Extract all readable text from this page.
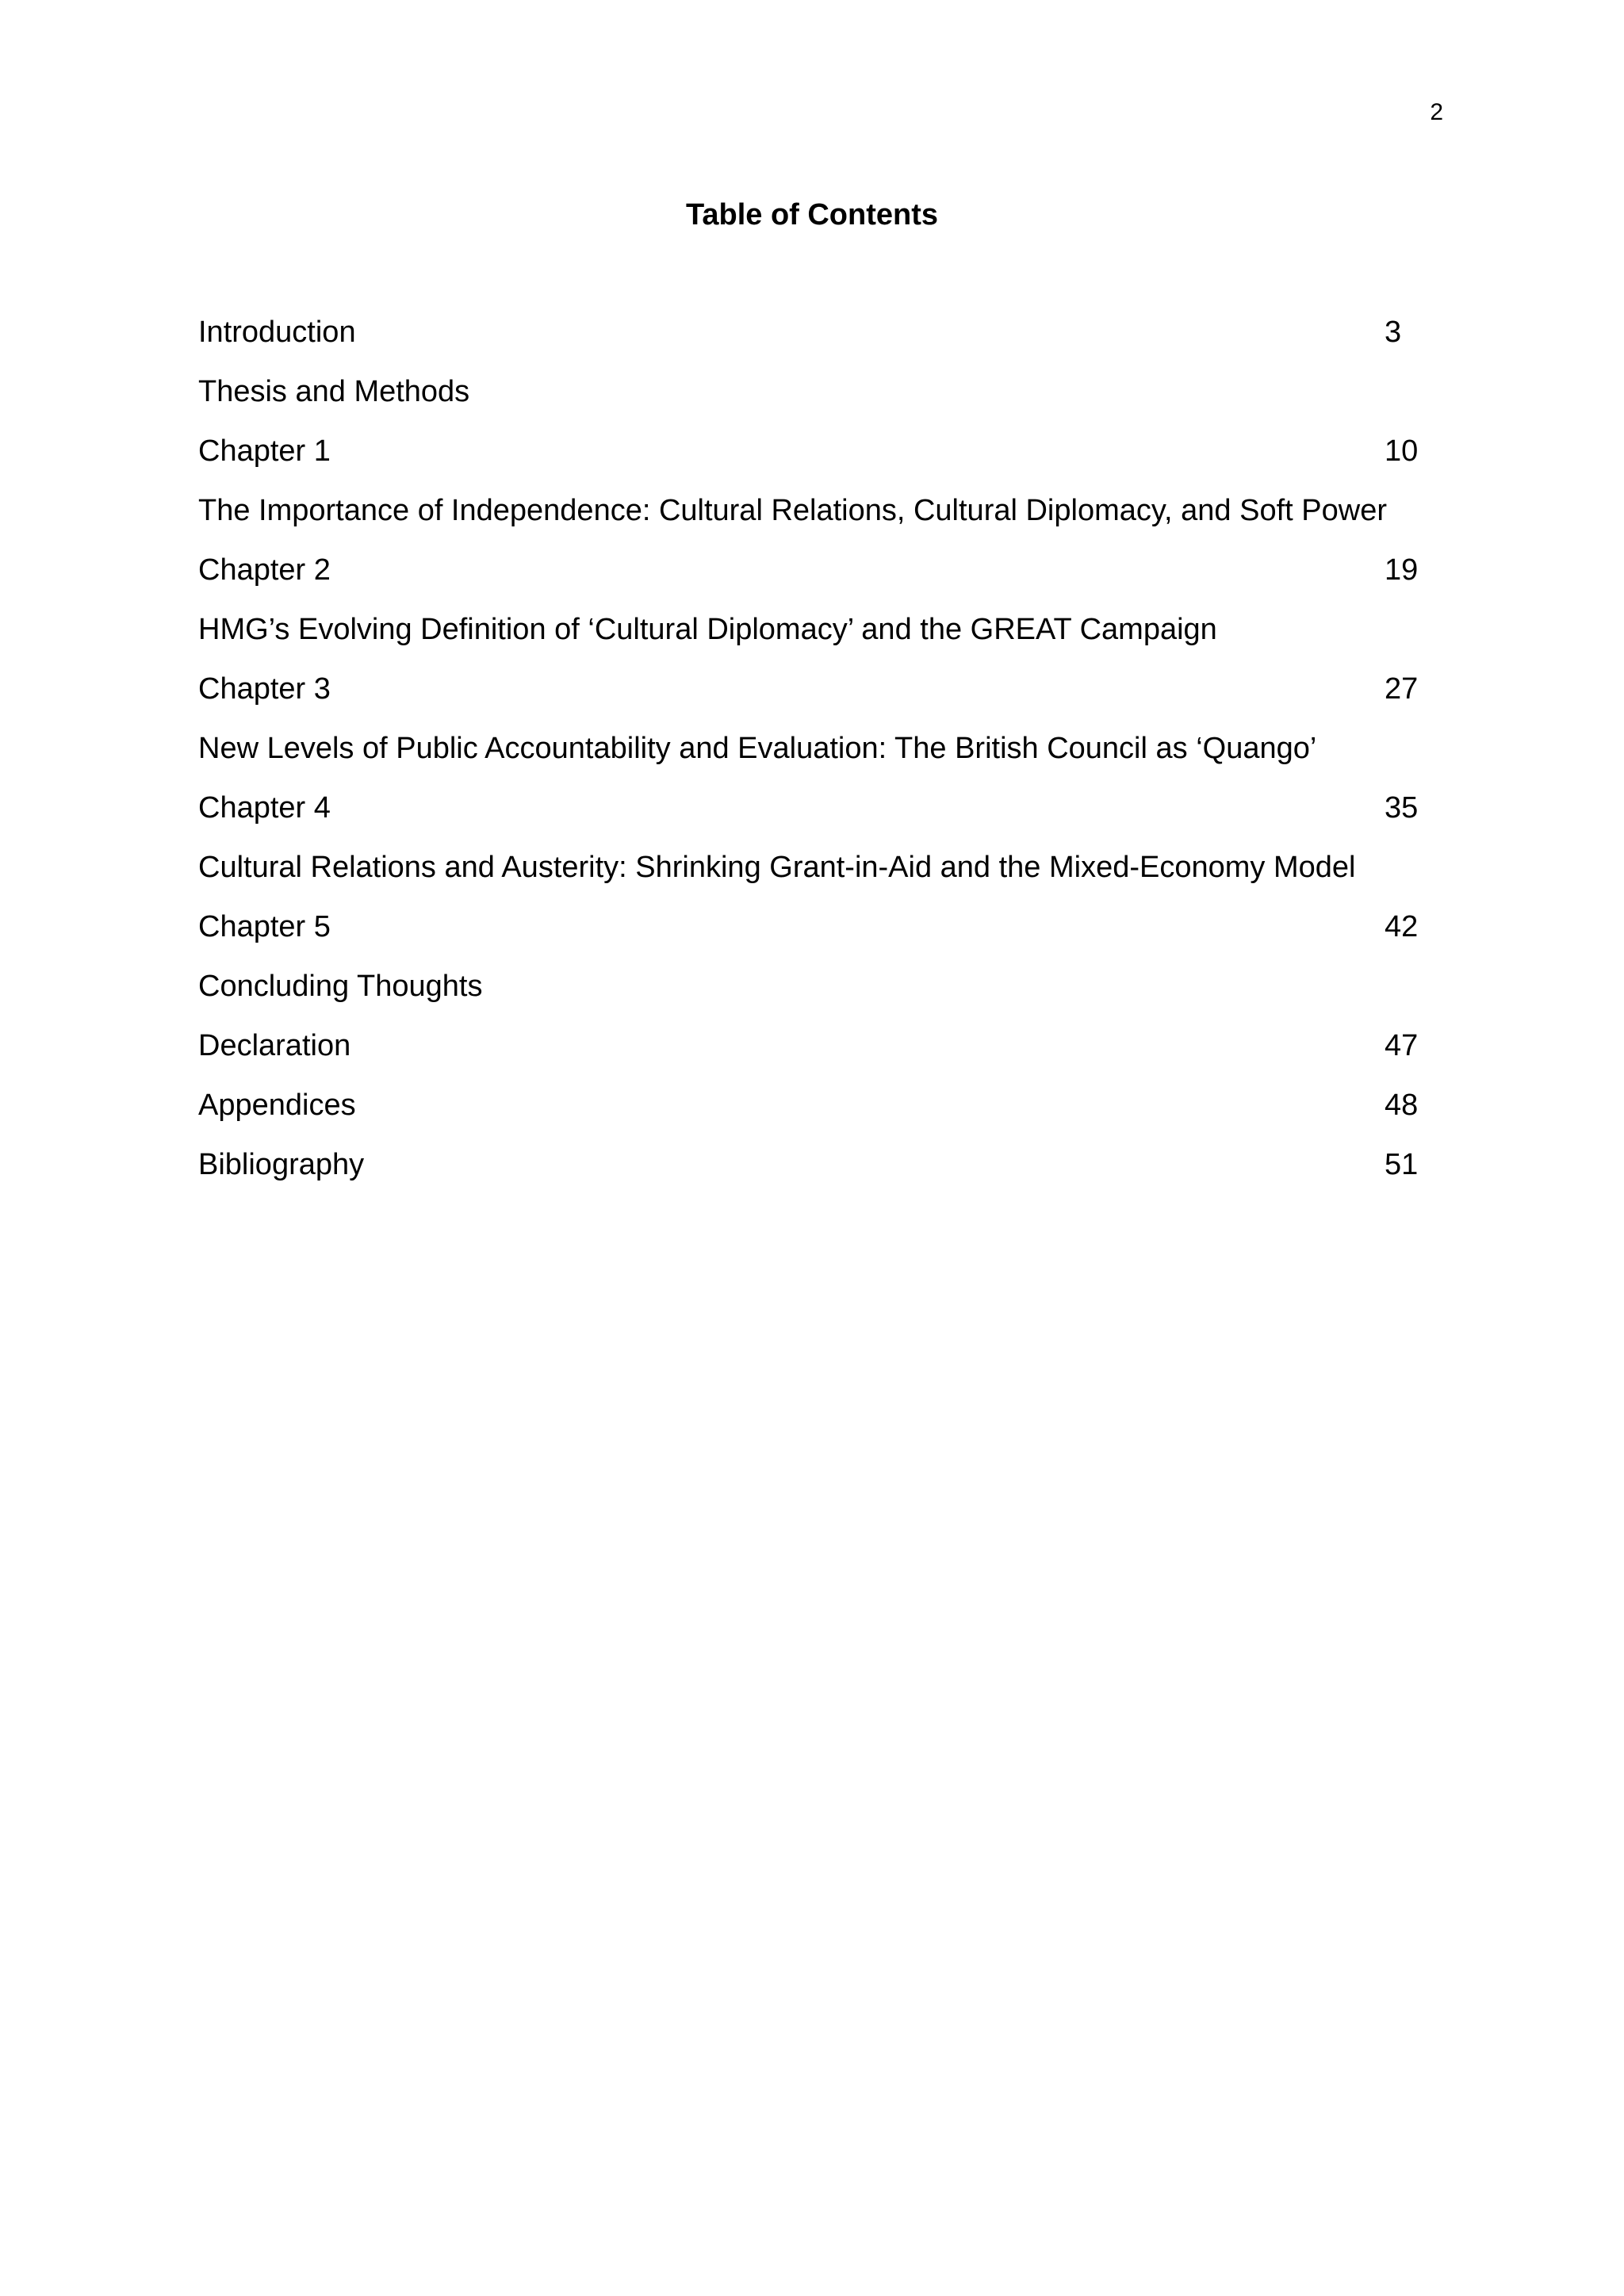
2
Table of Contents
Introduction	3
Thesis and Methods
Chapter 1	10
The Importance of Independence: Cultural Relations, Cultural Diplomacy, and Soft Power
Chapter 2	19
HMG’s Evolving Definition of ‘Cultural Diplomacy’ and the GREAT Campaign
Chapter 3	27
New Levels of Public Accountability and Evaluation: The British Council as ‘Quango’
Chapter 4	35
Cultural Relations and Austerity: Shrinking Grant-in-Aid and the Mixed-Economy Model
Chapter 5	42
Concluding Thoughts
Declaration	47
Appendices	48
Bibliography	51
